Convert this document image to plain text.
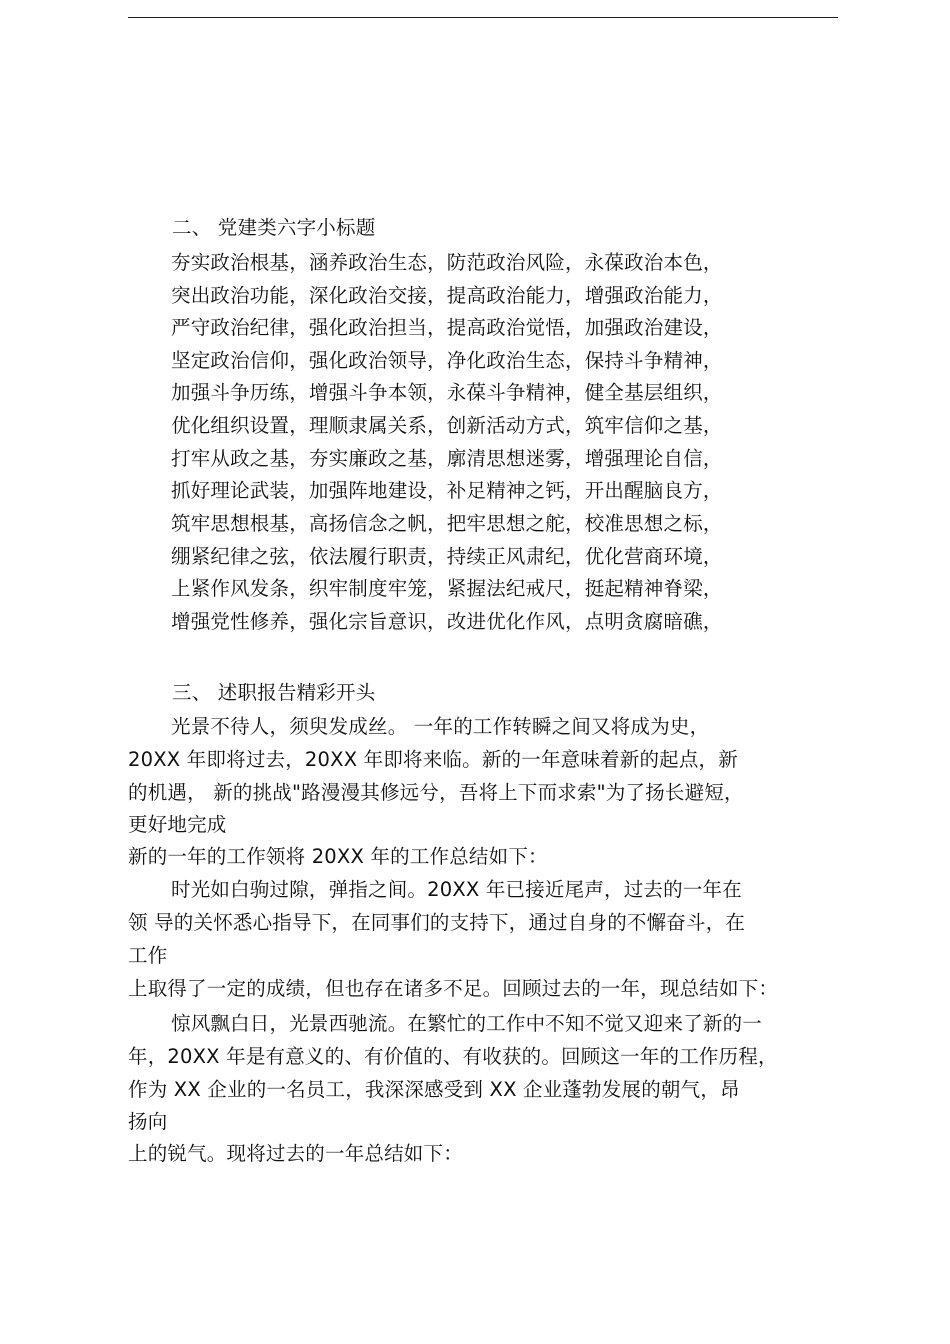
二、 党建类六字小标题
夯实政治根基，涵养政治生态，防范政治风险，永葆政治本色，
突出政治功能，深化政治交接，提高政治能力，增强政治能力，
严守政治纪律，强化政治担当，提高政治觉悟，加强政治建设，
坚定政治信仰，强化政治领导，净化政治生态，保持斗争精神，
加强斗争历练，增强斗争本领，永葆斗争精神，健全基层组织，
优化组织设置，理顺隶属关系，创新活动方式，筑牢信仰之基，
打牢从政之基，夯实廉政之基，廓清思想迷雾，增强理论自信，
抓好理论武装，加强阵地建设，补足精神之钙，开出醒脑良方，
筑牢思想根基，高扬信念之帆，把牢思想之舵，校准思想之标，
绷紧纪律之弦，依法履行职责，持续正风肃纪，优化营商环境，
上紧作风发条，织牢制度牢笼，紧握法纪戒尺，挺起精神脊梁，
增强党性修养，强化宗旨意识，改进优化作风，点明贪腐暗礁，
三、 述职报告精彩开头
光景不待人，须臾发成丝。 一年的工作转瞬之间又将成为史，
20XX 年即将过去，20XX 年即将来临。新的一年意味着新的起点，新
的机遇， 新的挑战"路漫漫其修远兮，吾将上下而求索"为了扬长避短，
更好地完成
新的一年的工作领将 20XX 年的工作总结如下：
时光如白驹过隙，弹指之间。20XX 年已接近尾声，过去的一年在
领 导的关怀悉心指导下，在同事们的支持下，通过自身的不懈奋斗，在
工作
上取得了一定的成绩，但也存在诸多不足。回顾过去的一年，现总结如下：
惊风飘白日，光景西驰流。在繁忙的工作中不知不觉又迎来了新的一
年，20XX 年是有意义的、有价值的、有收获的。回顾这一年的工作历程，
作为 XX 企业的一名员工，我深深感受到 XX 企业蓬勃发展的朝气，昂
扬向
上的锐气。现将过去的一年总结如下：
